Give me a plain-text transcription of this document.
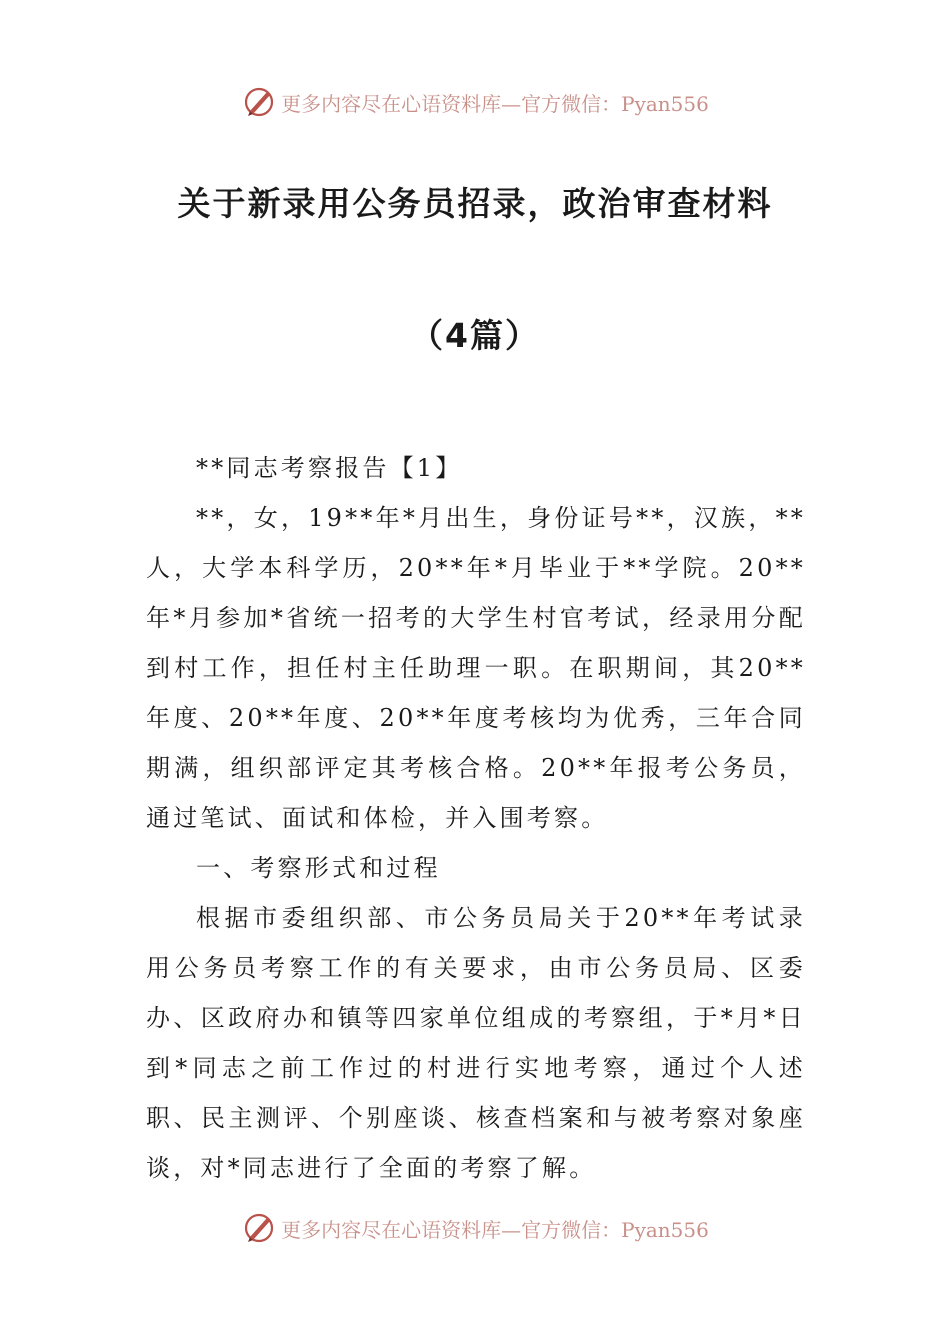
更多内容尽在心语资料库—官方微信：Pyan556
关于新录用公务员招录，政治审查材料
（4篇）

**同志考察报告【1】

**，女，19**年*月出生，身份证号**，汉族，**人，大学本科学历，20**年*月毕业于**学院。20**年*月参加*省统一招考的大学生村官考试，经录用分配到村工作，担任村主任助理一职。在职期间，其20**年度、20**年度、20**年度考核均为优秀，三年合同期满，组织部评定其考核合格。20**年报考公务员，通过笔试、面试和体检，并入围考察。

一、考察形式和过程

根据市委组织部、市公务员局关于20**年考试录用公务员考察工作的有关要求，由市公务员局、区委办、区政府办和镇等四家单位组成的考察组，于*月*日到*同志之前工作过的村进行实地考察，通过个人述职、民主测评、个别座谈、核查档案和与被考察对象座谈，对*同志进行了全面的考察了解。

更多内容尽在心语资料库—官方微信：Pyan556
